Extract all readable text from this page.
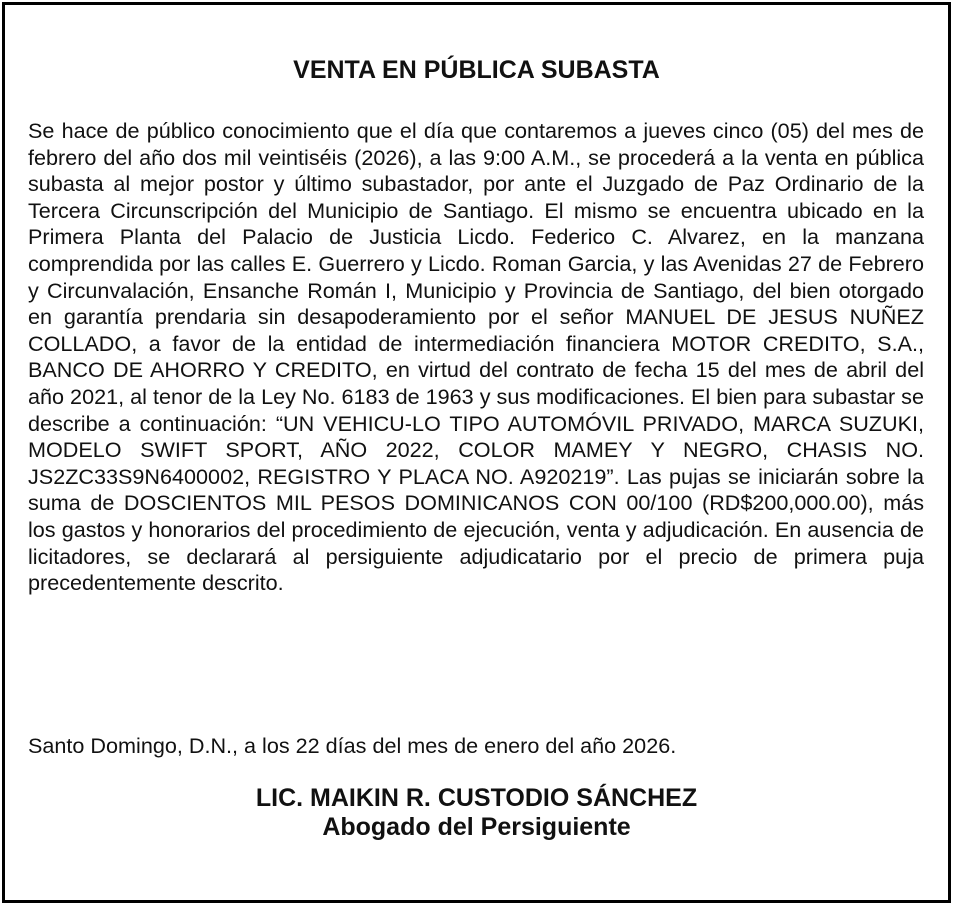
VENTA EN PÚBLICA SUBASTA

Se hace de público conocimiento que el día que contaremos a jueves cinco (05) del mes de febrero del año dos mil veintiséis (2026), a las 9:00 A.M., se procederá a la venta en pública subasta al mejor postor y último subastador, por ante el Juzgado de Paz Ordinario de la Tercera Circunscripción del Municipio de Santiago. El mismo se encuentra ubicado en la Primera Planta del Palacio de Justicia Licdo. Federico C. Alvarez, en la manzana comprendida por las calles E. Guerrero y Licdo. Roman Garcia, y las Avenidas 27 de Febrero y Circunvalación, Ensanche Román I, Municipio y Provincia de Santiago, del bien otorgado en garantía prendaria sin desapoderamiento por el señor MANUEL DE JESUS NUÑEZ COLLADO, a favor de la entidad de intermediación financiera MOTOR CREDITO, S.A., BANCO DE AHORRO Y CREDITO, en virtud del contrato de fecha 15 del mes de abril del año 2021, al tenor de la Ley No. 6183 de 1963 y sus modificaciones. El bien para subastar se describe a continuación: “UN VEHICU-LO TIPO AUTOMÓVIL PRIVADO, MARCA SUZUKI, MODELO SWIFT SPORT, AÑO 2022, COLOR MAMEY Y NEGRO, CHASIS NO. JS2ZC33S9N6400002, REGISTRO Y PLACA NO. A920219”. Las pujas se iniciarán sobre la suma de DOSCIENTOS MIL PESOS DOMINICANOS CON 00/100 (RD$200,000.00), más los gastos y honorarios del procedimiento de ejecución, venta y adjudicación. En ausencia de licitadores, se declarará al persiguiente adjudicatario por el precio de primera puja precedentemente descrito.

Santo Domingo, D.N., a los 22 días del mes de enero del año 2026.

LIC. MAIKIN R. CUSTODIO SÁNCHEZ
Abogado del Persiguiente
